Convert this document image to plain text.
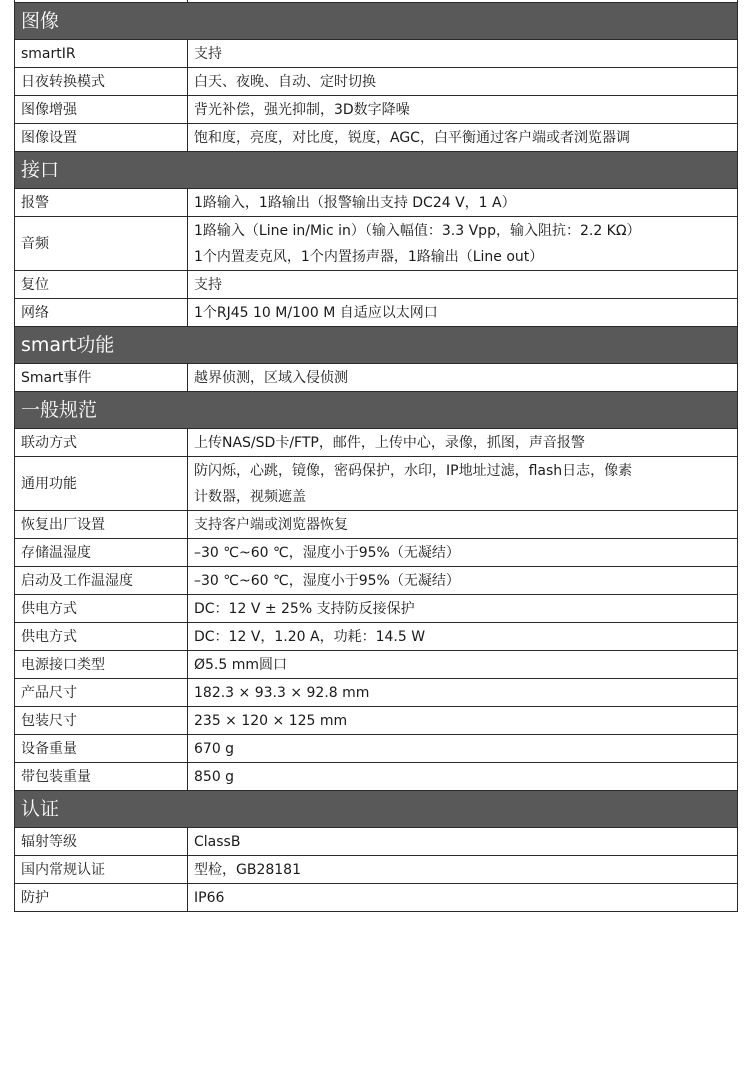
图像	
smartIR	支持
日夜转换模式	白天、夜晚、自动、定时切换
图像增强	背光补偿，强光抑制，3D数字降噪
图像设置	饱和度，亮度，对比度，锐度，AGC，白平衡通过客户端或者浏览器调
接口	
报警	1路输入，1路输出（报警输出支持 DC24 V，1 A）
音频	1路输入（Line in/Mic in）（输入幅值：3.3 Vpp，输入阻抗：2.2 KΩ）
1个内置麦克风，1个内置扬声器，1路输出（Line out）

复位	支持
网络	1个RJ45 10 M/100 M 自适应以太网口
smart功能	
Smart事件	越界侦测，区域入侵侦测
一般规范	
联动方式	上传NAS/SD卡/FTP，邮件，上传中心，录像，抓图，声音报警
通用功能	防闪烁，心跳，镜像，密码保护，水印，IP地址过滤，flash日志，像素
计数器，视频遮盖

恢复出厂设置	支持客户端或浏览器恢复
存储温湿度	–30 ℃~60 ℃，湿度小于95%（无凝结）
启动及工作温湿度	–30 ℃~60 ℃，湿度小于95%（无凝结）
供电方式	DC：12 V ± 25% 支持防反接保护
供电方式	DC：12 V，1.20 A，功耗：14.5 W
电源接口类型	Ø5.5 mm圆口
产品尺寸	182.3 × 93.3 × 92.8 mm
包装尺寸	235 × 120 × 125 mm
设备重量	670 g
带包装重量	850 g
认证	
辐射等级	ClassB
国内常规认证	型检，GB28181
防护	IP66
